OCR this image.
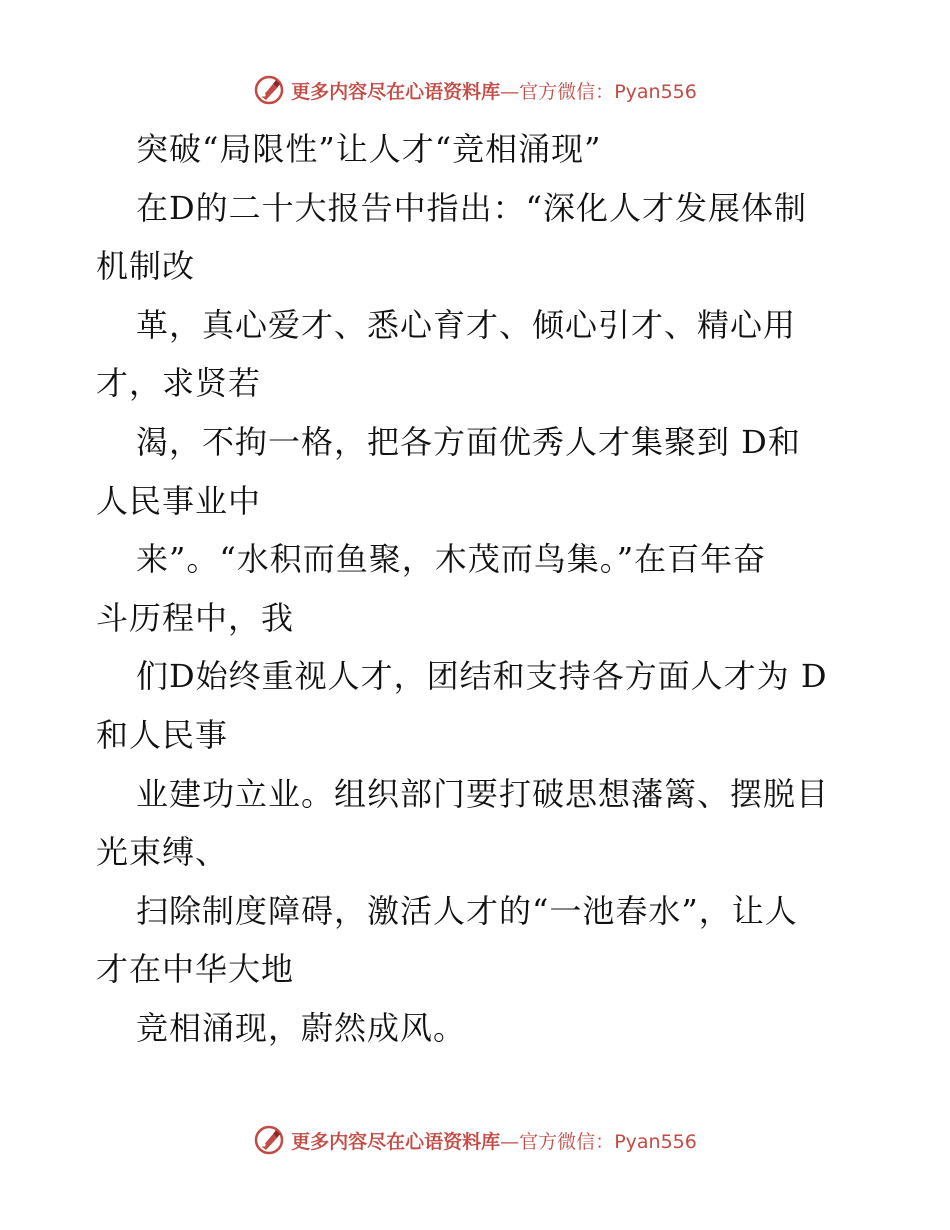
更多内容尽在心语资料库—官方微信：Pyan556
突破“局限性”让人才“竞相涌现”
在D的二十大报告中指出：“深化人才发展体制
机制改
革，真心爱才、悉心育才、倾心引才、精心用
才，求贤若
渴，不拘一格，把各方面优秀人才集聚到 D和
人民事业中
来”。“水积而鱼聚，木茂而鸟集。”在百年奋
斗历程中，我
们D始终重视人才，团结和支持各方面人才为 D
和人民事
业建功立业。组织部门要打破思想藩篱、摆脱目
光束缚、
扫除制度障碍，激活人才的“一池春水”，让人
才在中华大地
竞相涌现，蔚然成风。
更多内容尽在心语资料库—官方微信：Pyan556
